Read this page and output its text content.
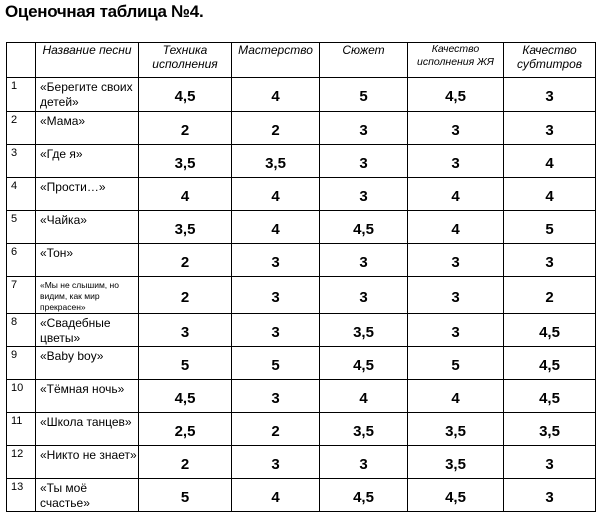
Оценочная таблица №4.
	Название песни	Техника исполнения	Мастерство	Сюжет	Качество исполнения ЖЯ	Качество субтитров
1	«Берегите своих детей»	4,5	4	5	4,5	3
2	«Мама»	2	2	3	3	3
3	«Где я»	3,5	3,5	3	3	4
4	«Прости…»	4	4	3	4	4
5	«Чайка»	3,5	4	4,5	4	5
6	«Тон»	2	3	3	3	3
7	«Мы не слышим, но видим, как мир прекрасен»	2	3	3	3	2
8	«Свадебные цветы»	3	3	3,5	3	4,5
9	«Baby boy»	5	5	4,5	5	4,5
10	«Тёмная ночь»	4,5	3	4	4	4,5
11	«Школа танцев»	2,5	2	3,5	3,5	3,5
12	«Никто не знает»	2	3	3	3,5	3
13	«Ты моё счастье»	5	4	4,5	4,5	3
